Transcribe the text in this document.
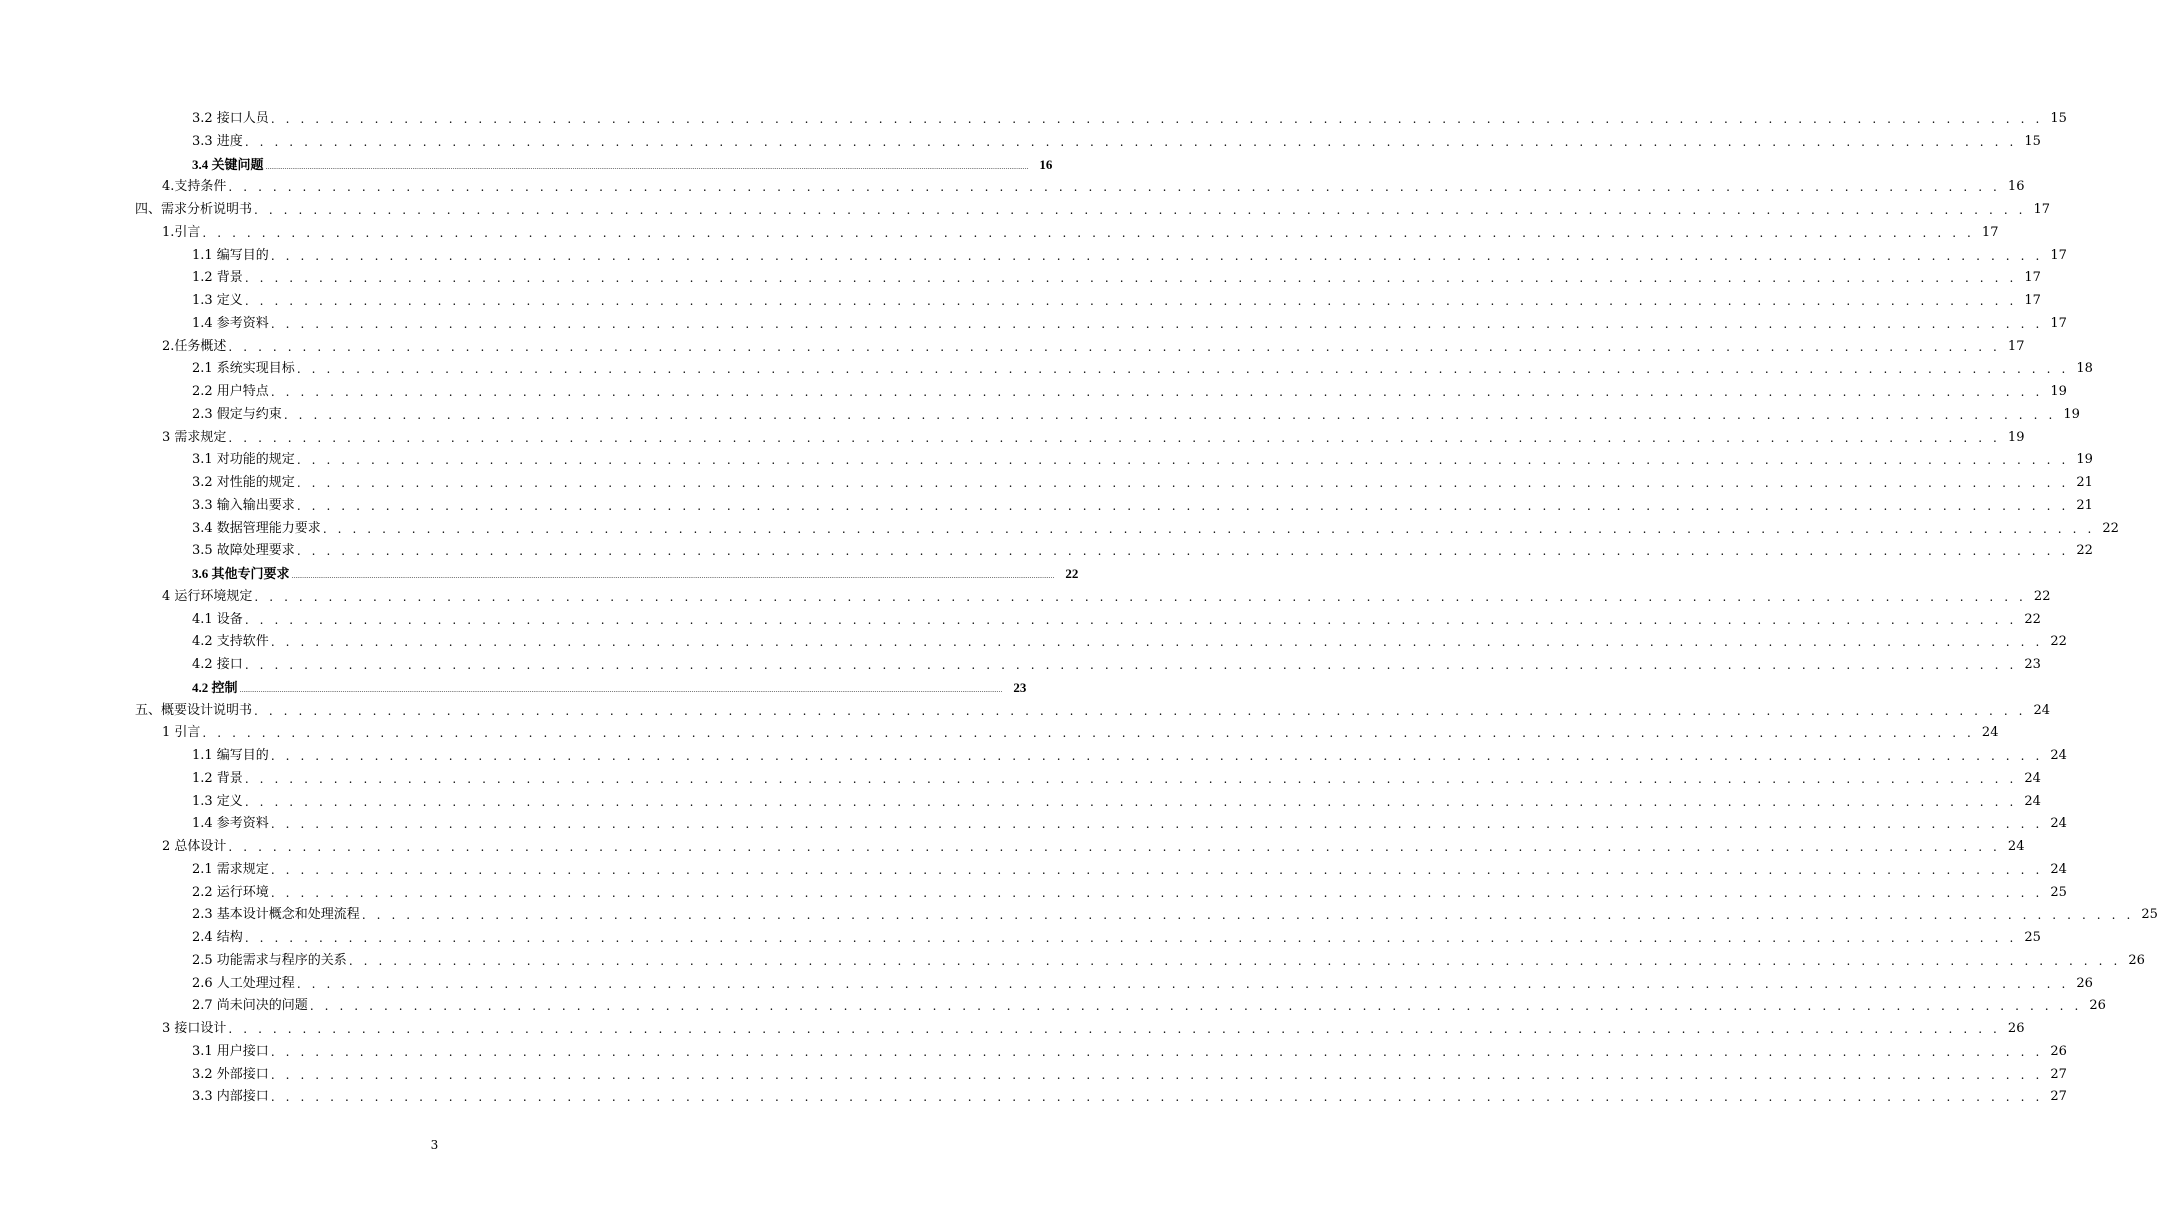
3.2 接口人员 . . . . . . . . . . . . . . . . . . . . . . . . . . . . . . . . . . . . . . . . . . . . . . . . . . . . . . . . . . . . . . . . . . . . . . . . . . . . . . . . . . . . . . . . . . . . . . . . . . . . . . . . . . . . . . . . . . . . . . . . 15
3.3 进度 . . . . . . . . . . . . . . . . . . . . . . . . . . . . . . . . . . . . . . . . . . . . . . . . . . . . . . . . . . . . . . . . . . . . . . . . . . . . . . . . . . . . . . . . . . . . . . . . . . . . . . . . . . . . . . . . . . . . . . . . 15
3.4 关键问题 ................................................................................................................................................................................................................................................................................................................................................................................................................ 16
4.支持条件 . . . . . . . . . . . . . . . . . . . . . . . . . . . . . . . . . . . . . . . . . . . . . . . . . . . . . . . . . . . . . . . . . . . . . . . . . . . . . . . . . . . . . . . . . . . . . . . . . . . . . . . . . . . . . . . . . . . . . . . . 16
四、需求分析说明书 . . . . . . . . . . . . . . . . . . . . . . . . . . . . . . . . . . . . . . . . . . . . . . . . . . . . . . . . . . . . . . . . . . . . . . . . . . . . . . . . . . . . . . . . . . . . . . . . . . . . . . . . . . . . . . . . . . . . . . . . 17
1.引言 . . . . . . . . . . . . . . . . . . . . . . . . . . . . . . . . . . . . . . . . . . . . . . . . . . . . . . . . . . . . . . . . . . . . . . . . . . . . . . . . . . . . . . . . . . . . . . . . . . . . . . . . . . . . . . . . . . . . . . . . 17
1.1 编写目的 . . . . . . . . . . . . . . . . . . . . . . . . . . . . . . . . . . . . . . . . . . . . . . . . . . . . . . . . . . . . . . . . . . . . . . . . . . . . . . . . . . . . . . . . . . . . . . . . . . . . . . . . . . . . . . . . . . . . . . . . 17
1.2 背景 . . . . . . . . . . . . . . . . . . . . . . . . . . . . . . . . . . . . . . . . . . . . . . . . . . . . . . . . . . . . . . . . . . . . . . . . . . . . . . . . . . . . . . . . . . . . . . . . . . . . . . . . . . . . . . . . . . . . . . . . 17
1.3 定义 . . . . . . . . . . . . . . . . . . . . . . . . . . . . . . . . . . . . . . . . . . . . . . . . . . . . . . . . . . . . . . . . . . . . . . . . . . . . . . . . . . . . . . . . . . . . . . . . . . . . . . . . . . . . . . . . . . . . . . . . 17
1.4 参考资料 . . . . . . . . . . . . . . . . . . . . . . . . . . . . . . . . . . . . . . . . . . . . . . . . . . . . . . . . . . . . . . . . . . . . . . . . . . . . . . . . . . . . . . . . . . . . . . . . . . . . . . . . . . . . . . . . . . . . . . . . 17
2.任务概述 . . . . . . . . . . . . . . . . . . . . . . . . . . . . . . . . . . . . . . . . . . . . . . . . . . . . . . . . . . . . . . . . . . . . . . . . . . . . . . . . . . . . . . . . . . . . . . . . . . . . . . . . . . . . . . . . . . . . . . . . 17
2.1 系统实现目标 . . . . . . . . . . . . . . . . . . . . . . . . . . . . . . . . . . . . . . . . . . . . . . . . . . . . . . . . . . . . . . . . . . . . . . . . . . . . . . . . . . . . . . . . . . . . . . . . . . . . . . . . . . . . . . . . . . . . . . . . 18
2.2 用户特点 . . . . . . . . . . . . . . . . . . . . . . . . . . . . . . . . . . . . . . . . . . . . . . . . . . . . . . . . . . . . . . . . . . . . . . . . . . . . . . . . . . . . . . . . . . . . . . . . . . . . . . . . . . . . . . . . . . . . . . . . 19
2.3 假定与约束 . . . . . . . . . . . . . . . . . . . . . . . . . . . . . . . . . . . . . . . . . . . . . . . . . . . . . . . . . . . . . . . . . . . . . . . . . . . . . . . . . . . . . . . . . . . . . . . . . . . . . . . . . . . . . . . . . . . . . . . . 19
3 需求规定 . . . . . . . . . . . . . . . . . . . . . . . . . . . . . . . . . . . . . . . . . . . . . . . . . . . . . . . . . . . . . . . . . . . . . . . . . . . . . . . . . . . . . . . . . . . . . . . . . . . . . . . . . . . . . . . . . . . . . . . . 19
3.1 对功能的规定 . . . . . . . . . . . . . . . . . . . . . . . . . . . . . . . . . . . . . . . . . . . . . . . . . . . . . . . . . . . . . . . . . . . . . . . . . . . . . . . . . . . . . . . . . . . . . . . . . . . . . . . . . . . . . . . . . . . . . . . . 19
3.2 对性能的规定 . . . . . . . . . . . . . . . . . . . . . . . . . . . . . . . . . . . . . . . . . . . . . . . . . . . . . . . . . . . . . . . . . . . . . . . . . . . . . . . . . . . . . . . . . . . . . . . . . . . . . . . . . . . . . . . . . . . . . . . . 21
3.3 输入输出要求 . . . . . . . . . . . . . . . . . . . . . . . . . . . . . . . . . . . . . . . . . . . . . . . . . . . . . . . . . . . . . . . . . . . . . . . . . . . . . . . . . . . . . . . . . . . . . . . . . . . . . . . . . . . . . . . . . . . . . . . . 21
3.4 数据管理能力要求 . . . . . . . . . . . . . . . . . . . . . . . . . . . . . . . . . . . . . . . . . . . . . . . . . . . . . . . . . . . . . . . . . . . . . . . . . . . . . . . . . . . . . . . . . . . . . . . . . . . . . . . . . . . . . . . . . . . . . . . . 22
3.5 故障处理要求 . . . . . . . . . . . . . . . . . . . . . . . . . . . . . . . . . . . . . . . . . . . . . . . . . . . . . . . . . . . . . . . . . . . . . . . . . . . . . . . . . . . . . . . . . . . . . . . . . . . . . . . . . . . . . . . . . . . . . . . . 22
3.6 其他专门要求 ................................................................................................................................................................................................................................................................................................................................................................................................................ 22
4 运行环境规定 . . . . . . . . . . . . . . . . . . . . . . . . . . . . . . . . . . . . . . . . . . . . . . . . . . . . . . . . . . . . . . . . . . . . . . . . . . . . . . . . . . . . . . . . . . . . . . . . . . . . . . . . . . . . . . . . . . . . . . . . 22
4.1 设备 . . . . . . . . . . . . . . . . . . . . . . . . . . . . . . . . . . . . . . . . . . . . . . . . . . . . . . . . . . . . . . . . . . . . . . . . . . . . . . . . . . . . . . . . . . . . . . . . . . . . . . . . . . . . . . . . . . . . . . . . 22
4.2 支持软件 . . . . . . . . . . . . . . . . . . . . . . . . . . . . . . . . . . . . . . . . . . . . . . . . . . . . . . . . . . . . . . . . . . . . . . . . . . . . . . . . . . . . . . . . . . . . . . . . . . . . . . . . . . . . . . . . . . . . . . . . 22
4.2 接口 . . . . . . . . . . . . . . . . . . . . . . . . . . . . . . . . . . . . . . . . . . . . . . . . . . . . . . . . . . . . . . . . . . . . . . . . . . . . . . . . . . . . . . . . . . . . . . . . . . . . . . . . . . . . . . . . . . . . . . . . 23
4.2 控制 ................................................................................................................................................................................................................................................................................................................................................................................................................ 23
五、概要设计说明书 . . . . . . . . . . . . . . . . . . . . . . . . . . . . . . . . . . . . . . . . . . . . . . . . . . . . . . . . . . . . . . . . . . . . . . . . . . . . . . . . . . . . . . . . . . . . . . . . . . . . . . . . . . . . . . . . . . . . . . . . 24
1 引言 . . . . . . . . . . . . . . . . . . . . . . . . . . . . . . . . . . . . . . . . . . . . . . . . . . . . . . . . . . . . . . . . . . . . . . . . . . . . . . . . . . . . . . . . . . . . . . . . . . . . . . . . . . . . . . . . . . . . . . . . 24
1.1 编写目的 . . . . . . . . . . . . . . . . . . . . . . . . . . . . . . . . . . . . . . . . . . . . . . . . . . . . . . . . . . . . . . . . . . . . . . . . . . . . . . . . . . . . . . . . . . . . . . . . . . . . . . . . . . . . . . . . . . . . . . . . 24
1.2 背景 . . . . . . . . . . . . . . . . . . . . . . . . . . . . . . . . . . . . . . . . . . . . . . . . . . . . . . . . . . . . . . . . . . . . . . . . . . . . . . . . . . . . . . . . . . . . . . . . . . . . . . . . . . . . . . . . . . . . . . . . 24
1.3 定义 . . . . . . . . . . . . . . . . . . . . . . . . . . . . . . . . . . . . . . . . . . . . . . . . . . . . . . . . . . . . . . . . . . . . . . . . . . . . . . . . . . . . . . . . . . . . . . . . . . . . . . . . . . . . . . . . . . . . . . . . 24
1.4 参考资料 . . . . . . . . . . . . . . . . . . . . . . . . . . . . . . . . . . . . . . . . . . . . . . . . . . . . . . . . . . . . . . . . . . . . . . . . . . . . . . . . . . . . . . . . . . . . . . . . . . . . . . . . . . . . . . . . . . . . . . . . 24
2 总体设计 . . . . . . . . . . . . . . . . . . . . . . . . . . . . . . . . . . . . . . . . . . . . . . . . . . . . . . . . . . . . . . . . . . . . . . . . . . . . . . . . . . . . . . . . . . . . . . . . . . . . . . . . . . . . . . . . . . . . . . . . 24
2.1 需求规定 . . . . . . . . . . . . . . . . . . . . . . . . . . . . . . . . . . . . . . . . . . . . . . . . . . . . . . . . . . . . . . . . . . . . . . . . . . . . . . . . . . . . . . . . . . . . . . . . . . . . . . . . . . . . . . . . . . . . . . . . 24
2.2 运行环境 . . . . . . . . . . . . . . . . . . . . . . . . . . . . . . . . . . . . . . . . . . . . . . . . . . . . . . . . . . . . . . . . . . . . . . . . . . . . . . . . . . . . . . . . . . . . . . . . . . . . . . . . . . . . . . . . . . . . . . . . 25
2.3 基本设计概念和处理流程 . . . . . . . . . . . . . . . . . . . . . . . . . . . . . . . . . . . . . . . . . . . . . . . . . . . . . . . . . . . . . . . . . . . . . . . . . . . . . . . . . . . . . . . . . . . . . . . . . . . . . . . . . . . . . . . . . . . . . . . . 25
2.4 结构 . . . . . . . . . . . . . . . . . . . . . . . . . . . . . . . . . . . . . . . . . . . . . . . . . . . . . . . . . . . . . . . . . . . . . . . . . . . . . . . . . . . . . . . . . . . . . . . . . . . . . . . . . . . . . . . . . . . . . . . . 25
2.5 功能需求与程序的关系 . . . . . . . . . . . . . . . . . . . . . . . . . . . . . . . . . . . . . . . . . . . . . . . . . . . . . . . . . . . . . . . . . . . . . . . . . . . . . . . . . . . . . . . . . . . . . . . . . . . . . . . . . . . . . . . . . . . . . . . . 26
2.6 人工处理过程 . . . . . . . . . . . . . . . . . . . . . . . . . . . . . . . . . . . . . . . . . . . . . . . . . . . . . . . . . . . . . . . . . . . . . . . . . . . . . . . . . . . . . . . . . . . . . . . . . . . . . . . . . . . . . . . . . . . . . . . . 26
2.7 尚未问决的问题 . . . . . . . . . . . . . . . . . . . . . . . . . . . . . . . . . . . . . . . . . . . . . . . . . . . . . . . . . . . . . . . . . . . . . . . . . . . . . . . . . . . . . . . . . . . . . . . . . . . . . . . . . . . . . . . . . . . . . . . . 26
3 接口设计 . . . . . . . . . . . . . . . . . . . . . . . . . . . . . . . . . . . . . . . . . . . . . . . . . . . . . . . . . . . . . . . . . . . . . . . . . . . . . . . . . . . . . . . . . . . . . . . . . . . . . . . . . . . . . . . . . . . . . . . . 26
3.1 用户接口 . . . . . . . . . . . . . . . . . . . . . . . . . . . . . . . . . . . . . . . . . . . . . . . . . . . . . . . . . . . . . . . . . . . . . . . . . . . . . . . . . . . . . . . . . . . . . . . . . . . . . . . . . . . . . . . . . . . . . . . . 26
3.2 外部接口 . . . . . . . . . . . . . . . . . . . . . . . . . . . . . . . . . . . . . . . . . . . . . . . . . . . . . . . . . . . . . . . . . . . . . . . . . . . . . . . . . . . . . . . . . . . . . . . . . . . . . . . . . . . . . . . . . . . . . . . . 27
3.3 内部接口 . . . . . . . . . . . . . . . . . . . . . . . . . . . . . . . . . . . . . . . . . . . . . . . . . . . . . . . . . . . . . . . . . . . . . . . . . . . . . . . . . . . . . . . . . . . . . . . . . . . . . . . . . . . . . . . . . . . . . . . . 27
3
